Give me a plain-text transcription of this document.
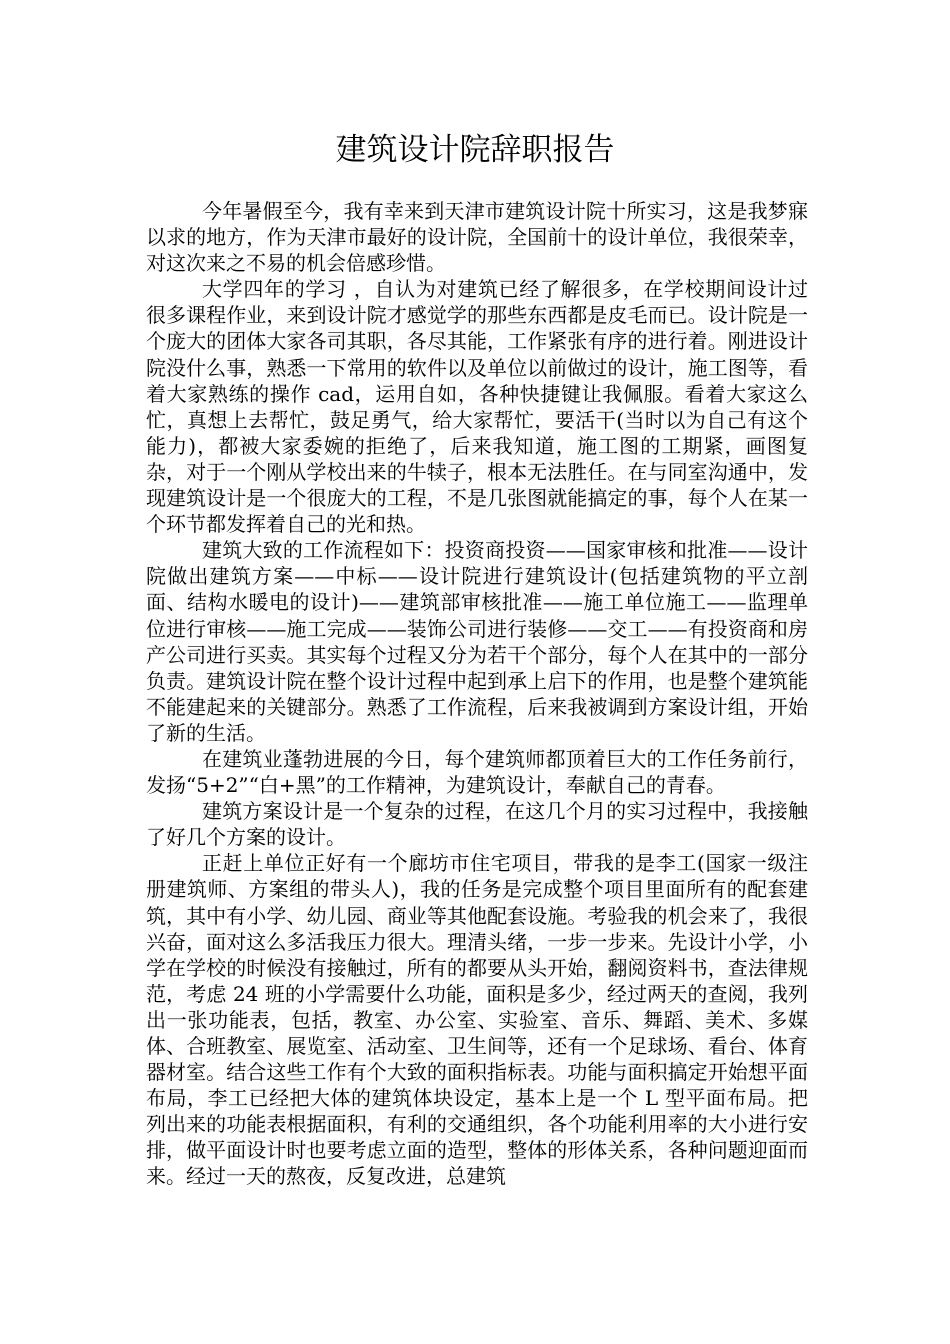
建筑设计院辞职报告

今年暑假至今，我有幸来到天津市建筑设计院十所实习，这是我梦寐以求的地方，作为天津市最好的设计院，全国前十的设计单位，我很荣幸，对这次来之不易的机会倍感珍惜。

大学四年的学习 ，自认为对建筑已经了解很多，在学校期间设计过很多课程作业，来到设计院才感觉学的那些东西都是皮毛而已。设计院是一个庞大的团体大家各司其职，各尽其能，工作紧张有序的进行着。刚进设计院没什么事，熟悉一下常用的软件以及单位以前做过的设计，施工图等，看着大家熟练的操作 cad，运用自如，各种快捷键让我佩服。看着大家这么忙，真想上去帮忙，鼓足勇气，给大家帮忙，要活干(当时以为自己有这个能力)，都被大家委婉的拒绝了，后来我知道，施工图的工期紧，画图复杂，对于一个刚从学校出来的牛犊子，根本无法胜任。在与同室沟通中，发现建筑设计是一个很庞大的工程，不是几张图就能搞定的事，每个人在某一个环节都发挥着自己的光和热。

建筑大致的工作流程如下：投资商投资——国家审核和批准——设计院做出建筑方案——中标——设计院进行建筑设计(包括建筑物的平立剖面、结构水暖电的设计)——建筑部审核批准——施工单位施工——监理单位进行审核——施工完成——装饰公司进行装修——交工——有投资商和房产公司进行买卖。其实每个过程又分为若干个部分，每个人在其中的一部分负责。建筑设计院在整个设计过程中起到承上启下的作用，也是整个建筑能不能建起来的关键部分。熟悉了工作流程，后来我被调到方案设计组，开始了新的生活。

在建筑业蓬勃进展的今日，每个建筑师都顶着巨大的工作任务前行，发扬“5+2”“白+黑”的工作精神，为建筑设计，奉献自己的青春。

建筑方案设计是一个复杂的过程，在这几个月的实习过程中，我接触了好几个方案的设计。

正赶上单位正好有一个廊坊市住宅项目，带我的是李工(国家一级注册建筑师、方案组的带头人)，我的任务是完成整个项目里面所有的配套建筑，其中有小学、幼儿园、商业等其他配套设施。考验我的机会来了，我很兴奋，面对这么多活我压力很大。理清头绪，一步一步来。先设计小学，小学在学校的时候没有接触过，所有的都要从头开始，翻阅资料书，查法律规范，考虑 24 班的小学需要什么功能，面积是多少，经过两天的查阅，我列出一张功能表，包括，教室、办公室、实验室、音乐、舞蹈、美术、多媒体、合班教室、展览室、活动室、卫生间等，还有一个足球场、看台、体育器材室。结合这些工作有个大致的面积指标表。功能与面积搞定开始想平面布局，李工已经把大体的建筑体块设定，基本上是一个 L 型平面布局。把列出来的功能表根据面积，有利的交通组织，各个功能利用率的大小进行安排，做平面设计时也要考虑立面的造型，整体的形体关系，各种问题迎面而来。经过一天的熬夜，反复改进，总建筑
